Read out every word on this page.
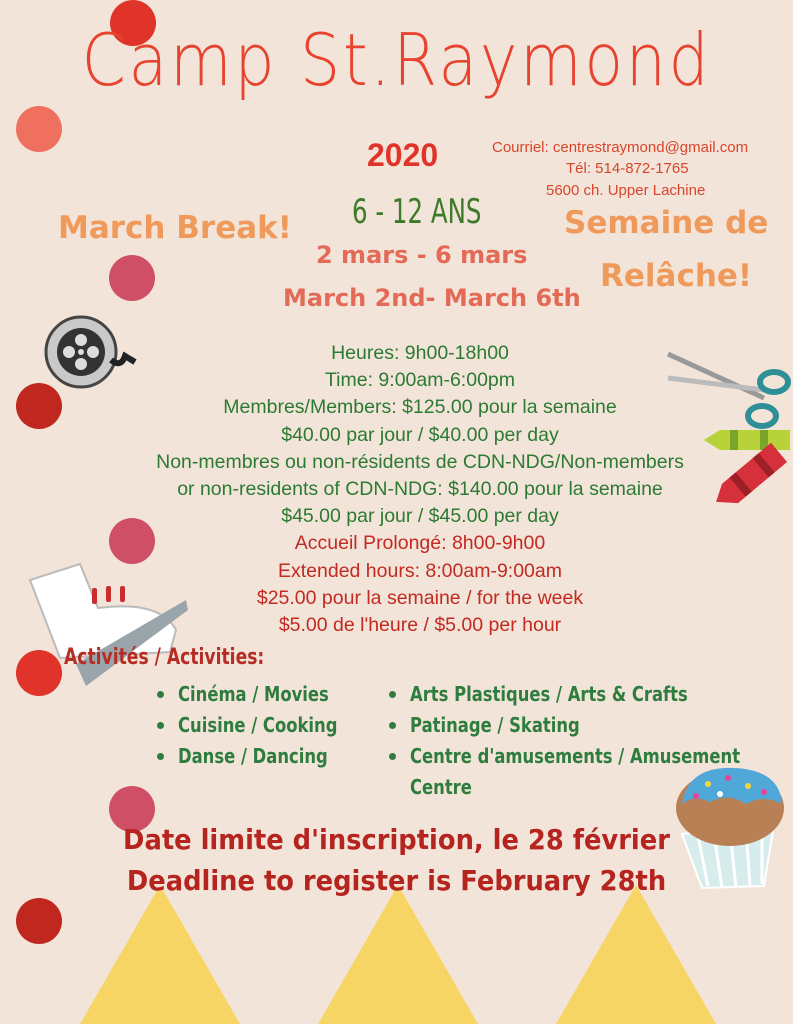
Camp St.Raymond
2020	Courriel: centrestraymond@gmail.com
Tél: 514-872-1765
5600 ch. Upper Lachine
6 - 12 ANS
March Break!	Semaine de
Relâche!
2 mars - 6 mars
March 2nd- March 6th
Heures: 9h00-18h00
Time: 9:00am-6:00pm
Membres/Members: $125.00 pour la semaine
$40.00 par jour / $40.00 per day
Non-membres ou non-résidents de CDN-NDG/Non-members
or non-residents of CDN-NDG: $140.00 pour la semaine
$45.00 par jour / $45.00 per day
Accueil Prolongé: 8h00-9h00
Extended hours: 8:00am-9:00am
$25.00 pour la semaine / for the week
$5.00 de l'heure / $5.00 per hour
Activités / Activities:
Cinéma / Movies
Cuisine / Cooking
Danse / Dancing
Arts Plastiques / Arts & Crafts
Patinage / Skating
Centre d'amusements / Amusement
Centre
Date limite d'inscription, le 28 février
Deadline to register is February 28th
